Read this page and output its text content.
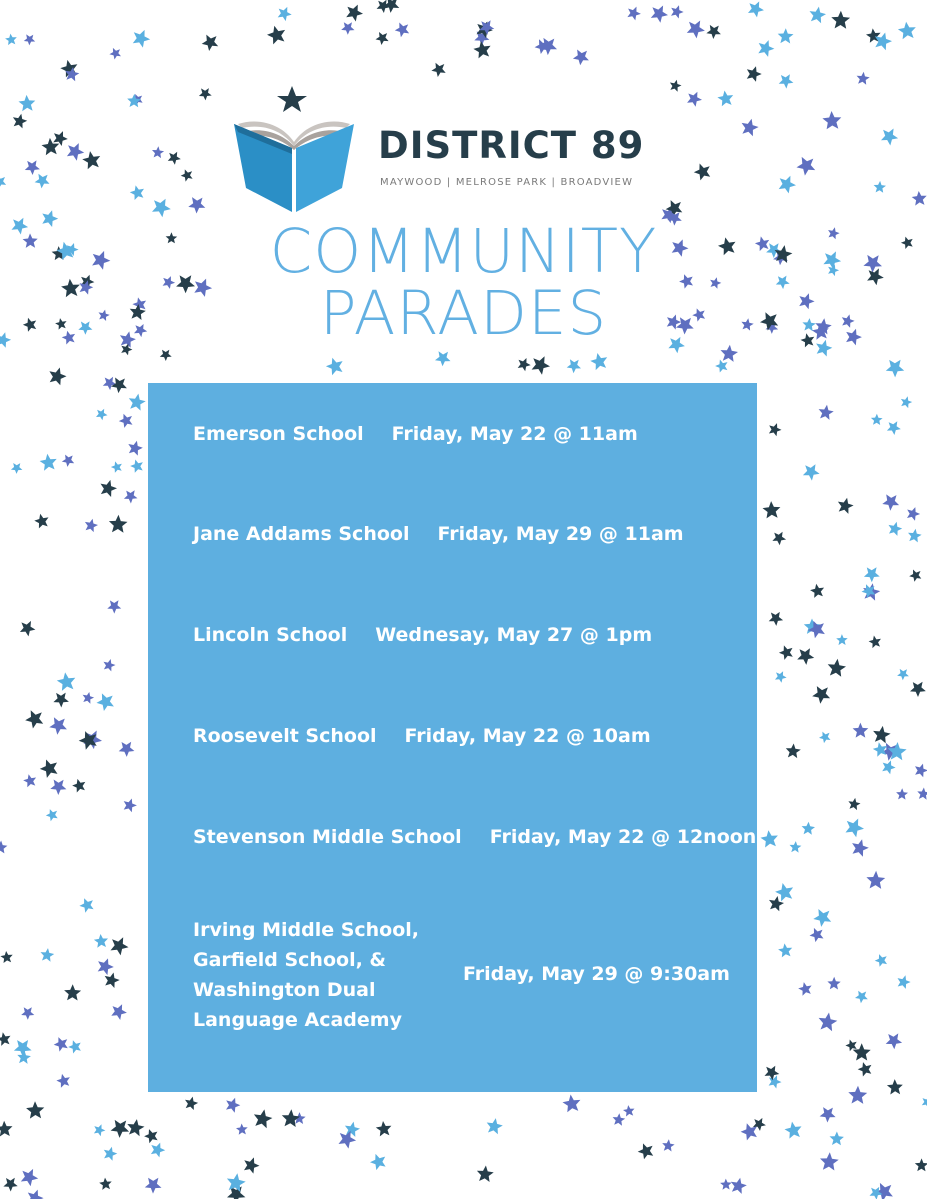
DISTRICT 89
MAYWOOD | MELROSE PARK | BROADVIEW
COMMUNITY
PARADES
Emerson School Friday, May 22 @ 11am
Jane Addams School Friday, May 29 @ 11am
Lincoln School Wednesay, May 27 @ 1pm
Roosevelt School Friday, May 22 @ 10am
Stevenson Middle School Friday, May 22 @ 12noon
Irving Middle School,
Garfield School, &
Washington Dual
Language Academy
Friday, May 29 @ 9:30am
